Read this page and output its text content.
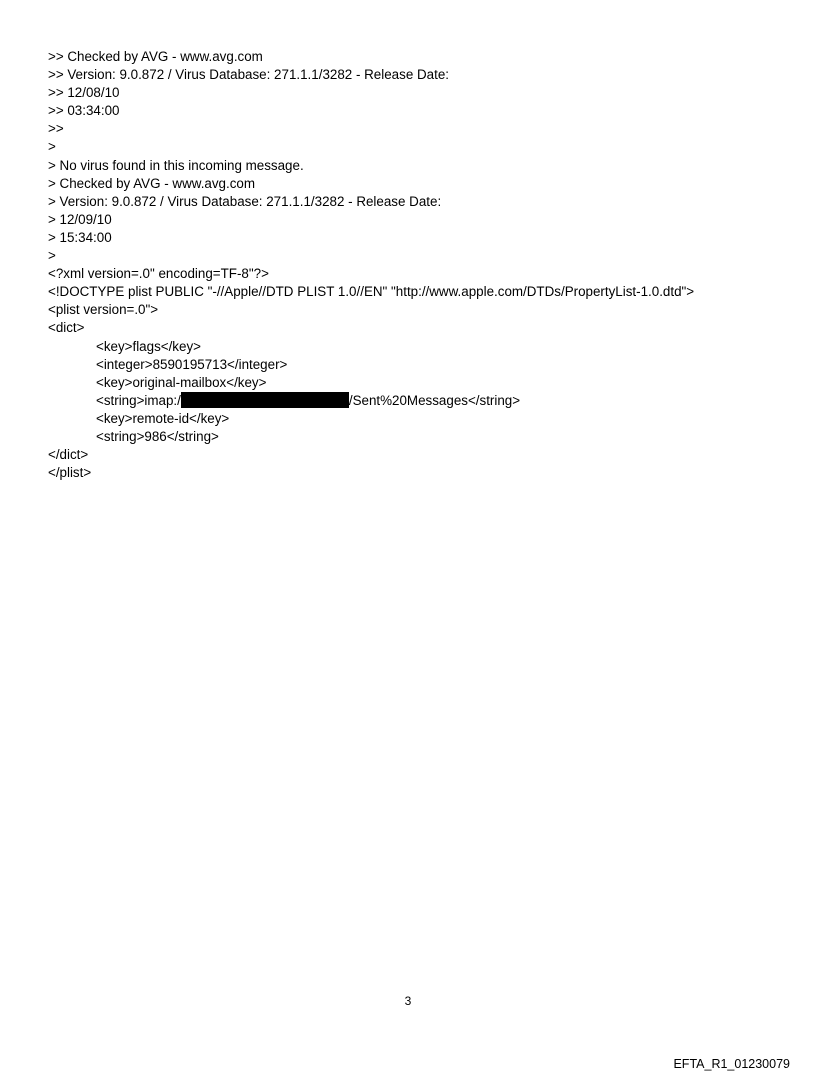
>> Checked by AVG - www.avg.com
>> Version: 9.0.872 / Virus Database: 271.1.1/3282 - Release Date:
>> 12/08/10
>> 03:34:00
>>
>
> No virus found in this incoming message.
> Checked by AVG - www.avg.com
> Version: 9.0.872 / Virus Database: 271.1.1/3282 - Release Date:
> 12/09/10
> 15:34:00
>
<?xml version=.0" encoding=TF-8"?>
<!DOCTYPE plist PUBLIC "-//Apple//DTD PLIST 1.0//EN" "http://www.apple.com/DTDs/PropertyList-1.0.dtd">
<plist version=.0">
<dict>
<key>flags</key>
<integer>8590195713</integer>
<key>original-mailbox</key>
<string>imap:/	/Sent%20Messages</string>
<key>remote-id</key>
<string>986</string>
</dict>
</plist>
3
EFTA_R1_01230079
